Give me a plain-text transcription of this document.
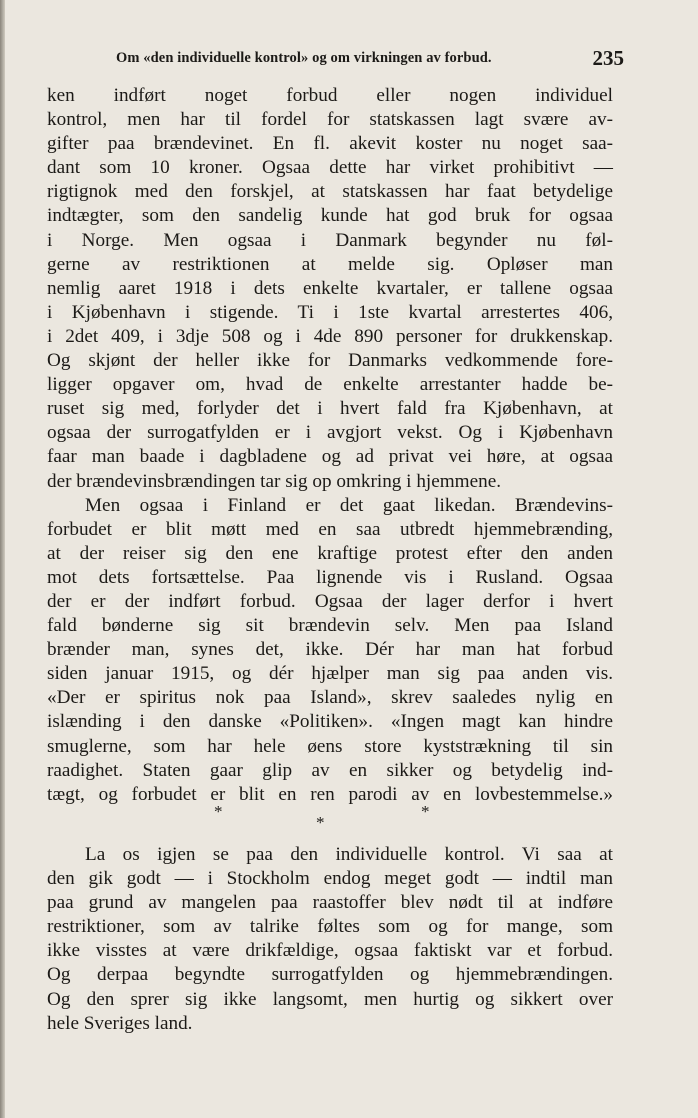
Om «den individuelle kontrol» og om virkningen av forbud.	235
ken indført noget forbud eller nogen individuel
kontrol, men har til fordel for statskassen lagt svære av-
gifter paa brændevinet. En fl. akevit koster nu noget saa-
dant som 10 kroner. Ogsaa dette har virket prohibitivt —
rigtignok med den forskjel, at statskassen har faat betydelige
indtægter, som den sandelig kunde hat god bruk for ogsaa
i Norge. Men ogsaa i Danmark begynder nu føl-
gerne av restriktionen at melde sig. Opløser man
nemlig aaret 1918 i dets enkelte kvartaler, er tallene ogsaa
i Kjøbenhavn i stigende. Ti i 1ste kvartal arrestertes 406,
i 2det 409, i 3dje 508 og i 4de 890 personer for drukkenskap.
Og skjønt der heller ikke for Danmarks vedkommende fore-
ligger opgaver om, hvad de enkelte arrestanter hadde be-
ruset sig med, forlyder det i hvert fald fra Kjøbenhavn, at
ogsaa der surrogatfylden er i avgjort vekst. Og i Kjøbenhavn
faar man baade i dagbladene og ad privat vei høre, at ogsaa
der brændevinsbrændingen tar sig op omkring i hjemmene.
Men ogsaa i Finland er det gaat likedan. Brændevins-
forbudet er blit møtt med en saa utbredt hjemmebrænding,
at der reiser sig den ene kraftige protest efter den anden
mot dets fortsættelse. Paa lignende vis i Rusland. Ogsaa
der er der indført forbud. Ogsaa der lager derfor i hvert
fald bønderne sig sit brændevin selv. Men paa Island
brænder man, synes det, ikke. Dér har man hat forbud
siden januar 1915, og dér hjælper man sig paa anden vis.
«Der er spiritus nok paa Island», skrev saaledes nylig en
islænding i den danske «Politiken». «Ingen magt kan hindre
smuglerne, som har hele øens store kyststrækning til sin
raadighet. Staten gaar glip av en sikker og betydelig ind-
tægt, og forbudet er blit en ren parodi av en lovbestemmelse.»
*	*
*
La os igjen se paa den individuelle kontrol. Vi saa at
den gik godt — i Stockholm endog meget godt — indtil man
paa grund av mangelen paa raastoffer blev nødt til at indføre
restriktioner, som av talrike føltes som og for mange, som
ikke visstes at være drikfældige, ogsaa faktiskt var et forbud.
Og derpaa begyndte surrogatfylden og hjemmebrændingen.
Og den sprer sig ikke langsomt, men hurtig og sikkert over
hele Sveriges land.
